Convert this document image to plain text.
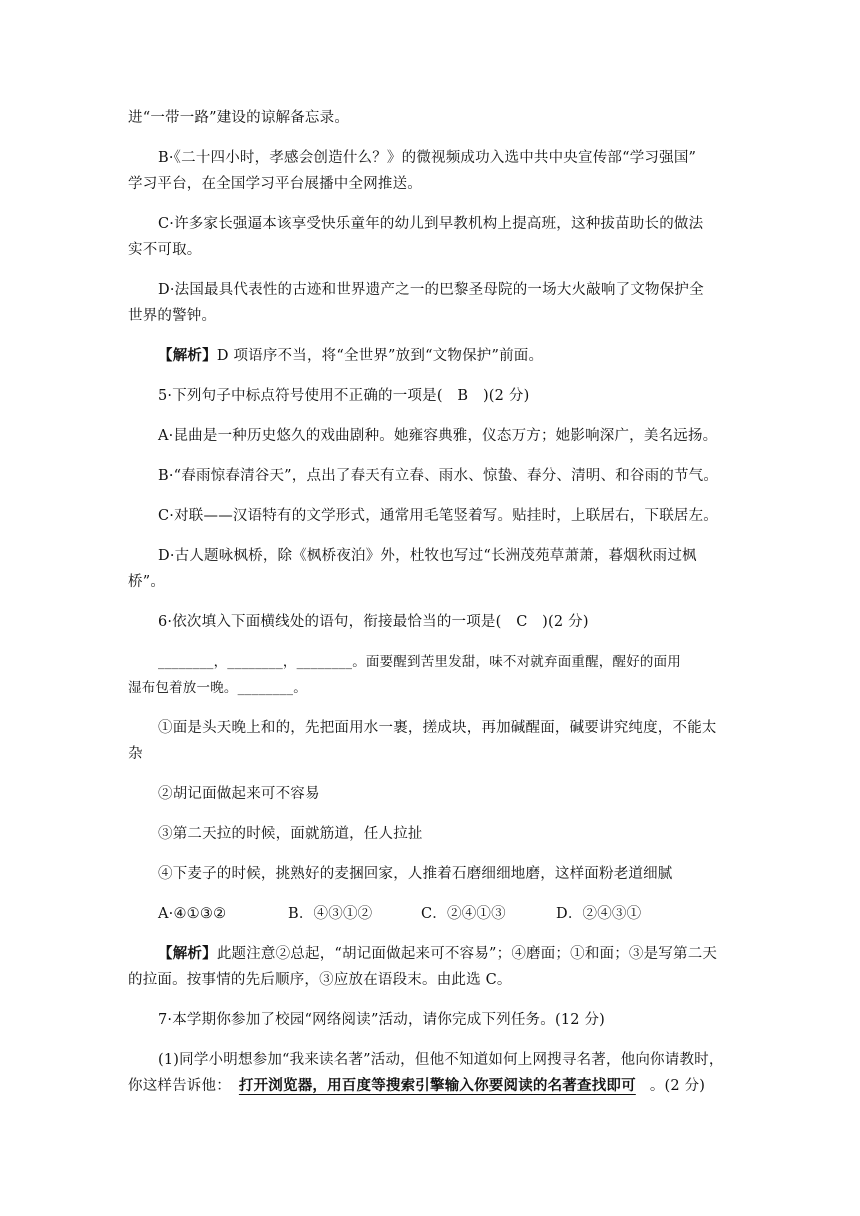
进“一带一路”建设的谅解备忘录。
B·《二十四小时，孝感会创造什么？》的微视频成功入选中共中央宣传部“学习强国”
学习平台，在全国学习平台展播中全网推送。
C·许多家长强逼本该享受快乐童年的幼儿到早教机构上提高班，这种拔苗助长的做法
实不可取。
D·法国最具代表性的古迹和世界遗产之一的巴黎圣母院的一场大火敲响了文物保护全
世界的警钟。
【解析】D 项语序不当，将“全世界”放到“文物保护”前面。
5·下列句子中标点符号使用不正确的一项是(　B　)(2 分)
A·昆曲是一种历史悠久的戏曲剧种。她雍容典雅，仪态万方；她影响深广，美名远扬。
B·“春雨惊春清谷天”，点出了春天有立春、雨水、惊蛰、春分、清明、和谷雨的节气。
C·对联——汉语特有的文学形式，通常用毛笔竖着写。贴挂时，上联居右，下联居左。
D·古人题咏枫桥，除《枫桥夜泊》外，杜牧也写过“长洲茂苑草萧萧，暮烟秋雨过枫
桥”。
6·依次填入下面横线处的语句，衔接最恰当的一项是(　C　)(2 分)
________，________，________。面要醒到苦里发甜，味不对就弃面重醒，醒好的面用
湿布包着放一晚。________。
①面是头天晚上和的，先把面用水一裹，搓成块，再加碱醒面，碱要讲究纯度，不能太
杂
②胡记面做起来可不容易
③第二天拉的时候，面就筋道，任人拉扯
④下麦子的时候，挑熟好的麦捆回家，人推着石磨细细地磨，这样面粉老道细腻
A·④①③②	B．④③①②	C．②④①③	D．②④③①
【解析】此题注意②总起，“胡记面做起来可不容易”；④磨面；①和面；③是写第二天
的拉面。按事情的先后顺序，③应放在语段末。由此选 C。
7·本学期你参加了校园“网络阅读”活动，请你完成下列任务。(12 分)
(1)同学小明想参加“我来读名著”活动，但他不知道如何上网搜寻名著，他向你请教时，
你这样告诉他： 打开浏览器，用百度等搜索引擎输入你要阅读的名著查找即可 。(2 分)
